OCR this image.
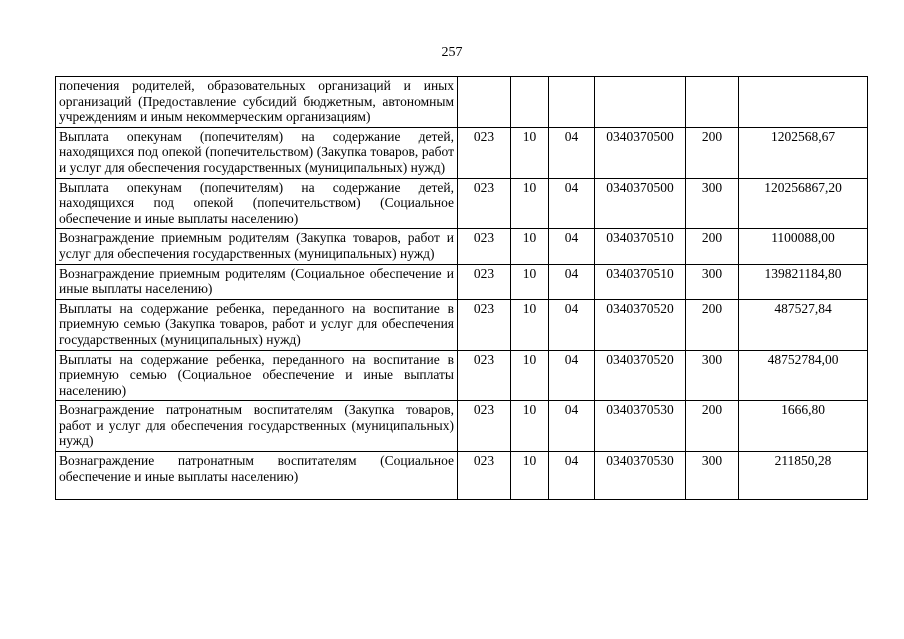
257
попечения родителей, образовательных организаций и иных организаций (Предоставление субсидий бюджетным, автономным учреждениям и иным некоммерческим организациям)						
Выплата опекунам (попечителям) на содержание детей, находящихся под опекой (попечительством) (Закупка товаров, работ и услуг для обеспечения государственных (муниципальных) нужд)	023	10	04	0340370500	200	1202568,67
Выплата опекунам (попечителям) на содержание детей, находящихся под опекой (попечительством) (Социальное обеспечение и иные выплаты населению)	023	10	04	0340370500	300	120256867,20
Вознаграждение приемным родителям (Закупка товаров, работ и услуг для обеспечения государственных (муниципальных) нужд)	023	10	04	0340370510	200	1100088,00
Вознаграждение приемным родителям (Социальное обеспечение и иные выплаты населению)	023	10	04	0340370510	300	139821184,80
Выплаты на содержание ребенка, переданного на воспитание в приемную семью (Закупка товаров, работ и услуг для обеспечения государственных (муниципальных) нужд)	023	10	04	0340370520	200	487527,84
Выплаты на содержание ребенка, переданного на воспитание в приемную семью (Социальное обеспечение и иные выплаты населению)	023	10	04	0340370520	300	48752784,00
Вознаграждение патронатным воспитателям (Закупка товаров, работ и услуг для обеспечения государственных (муниципальных) нужд)	023	10	04	0340370530	200	1666,80
Вознаграждение патронатным воспитателям (Социальное обеспечение и иные выплаты населению)	023	10	04	0340370530	300	211850,28
